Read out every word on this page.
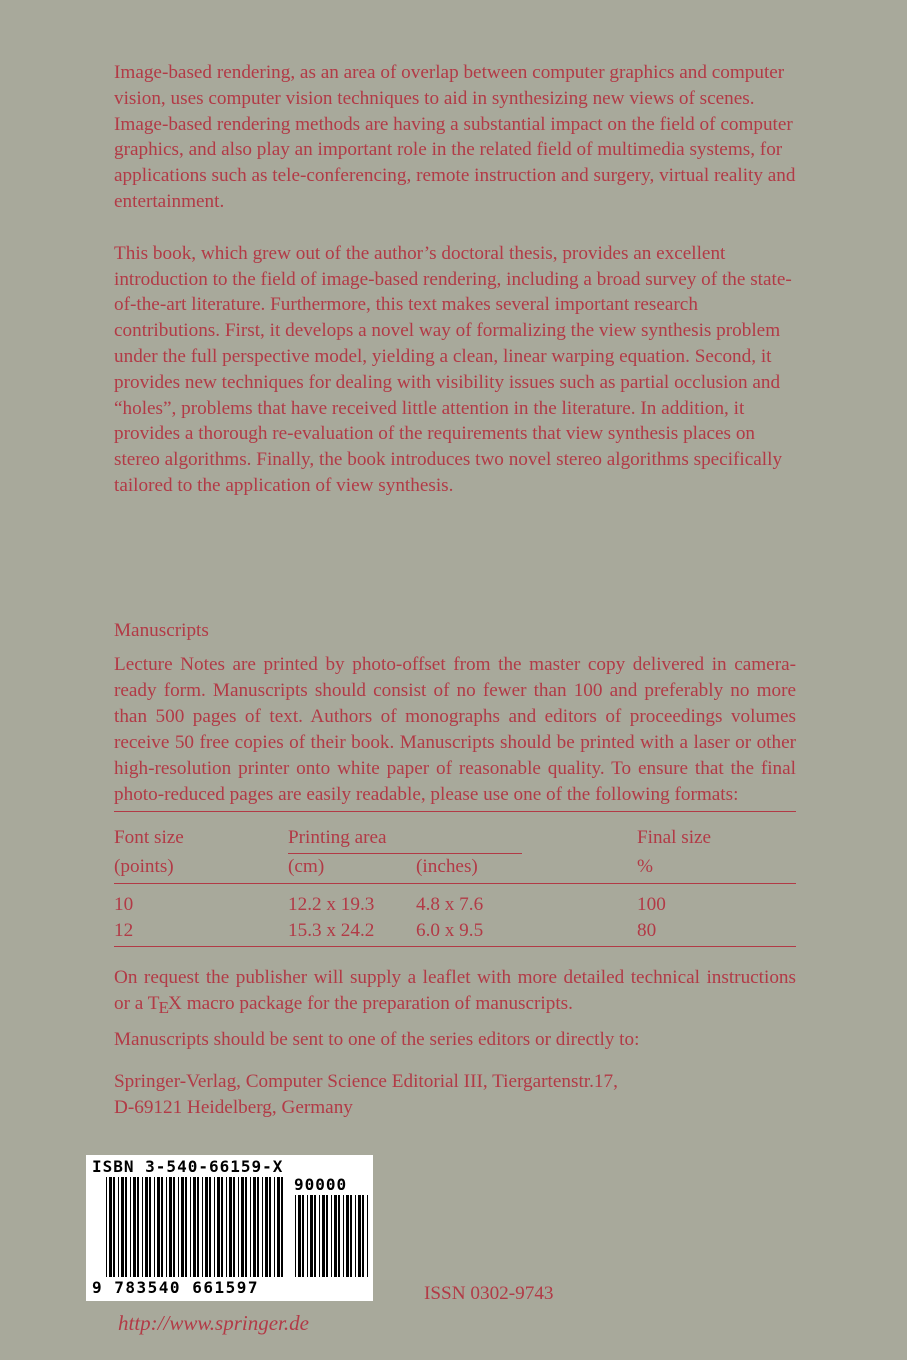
Image-based rendering, as an area of overlap between computer graphics and computer vision, uses computer vision techniques to aid in synthesizing new views of scenes. Image-based rendering methods are having a substantial impact on the field of computer graphics, and also play an important role in the related field of multimedia systems, for applications such as tele-conferencing, remote instruction and surgery, virtual reality and entertainment.

This book, which grew out of the author’s doctoral thesis, provides an excellent introduction to the field of image-based rendering, including a broad survey of the state-of-the-art literature. Furthermore, this text makes several important research contributions. First, it develops a novel way of formalizing the view synthesis problem under the full perspective model, yielding a clean, linear warping equation. Second, it provides new techniques for dealing with visibility issues such as partial occlusion and “holes”, problems that have received little attention in the literature. In addition, it provides a thorough re-evaluation of the requirements that view synthesis places on stereo algorithms. Finally, the book introduces two novel stereo algorithms specifically tailored to the application of view synthesis.

Manuscripts

Lecture Notes are printed by photo-offset from the master copy delivered in camera-ready form. Manuscripts should consist of no fewer than 100 and preferably no more than 500 pages of text. Authors of monographs and editors of proceedings volumes receive 50 free copies of their book. Manuscripts should be printed with a laser or other high-resolution printer onto white paper of reasonable quality. To ensure that the final photo-reduced pages are easily readable, please use one of the following formats:

Font size	Printing area	Final size
(points)	(cm)	(inches)	%
10	12.2 x 19.3 4.8 x 7.6	100
12	15.3 x 24.2 6.0 x 9.5	80

On request the publisher will supply a leaflet with more detailed technical instructions or a TEX macro package for the preparation of manuscripts.

Manuscripts should be sent to one of the series editors or directly to:

Springer-Verlag, Computer Science Editorial III, Tiergartenstr.17,
D-69121 Heidelberg, Germany
ISBN 3-540-66159-X
90000
9 783540 661597	ISSN 0302-9743
http://www.springer.de
